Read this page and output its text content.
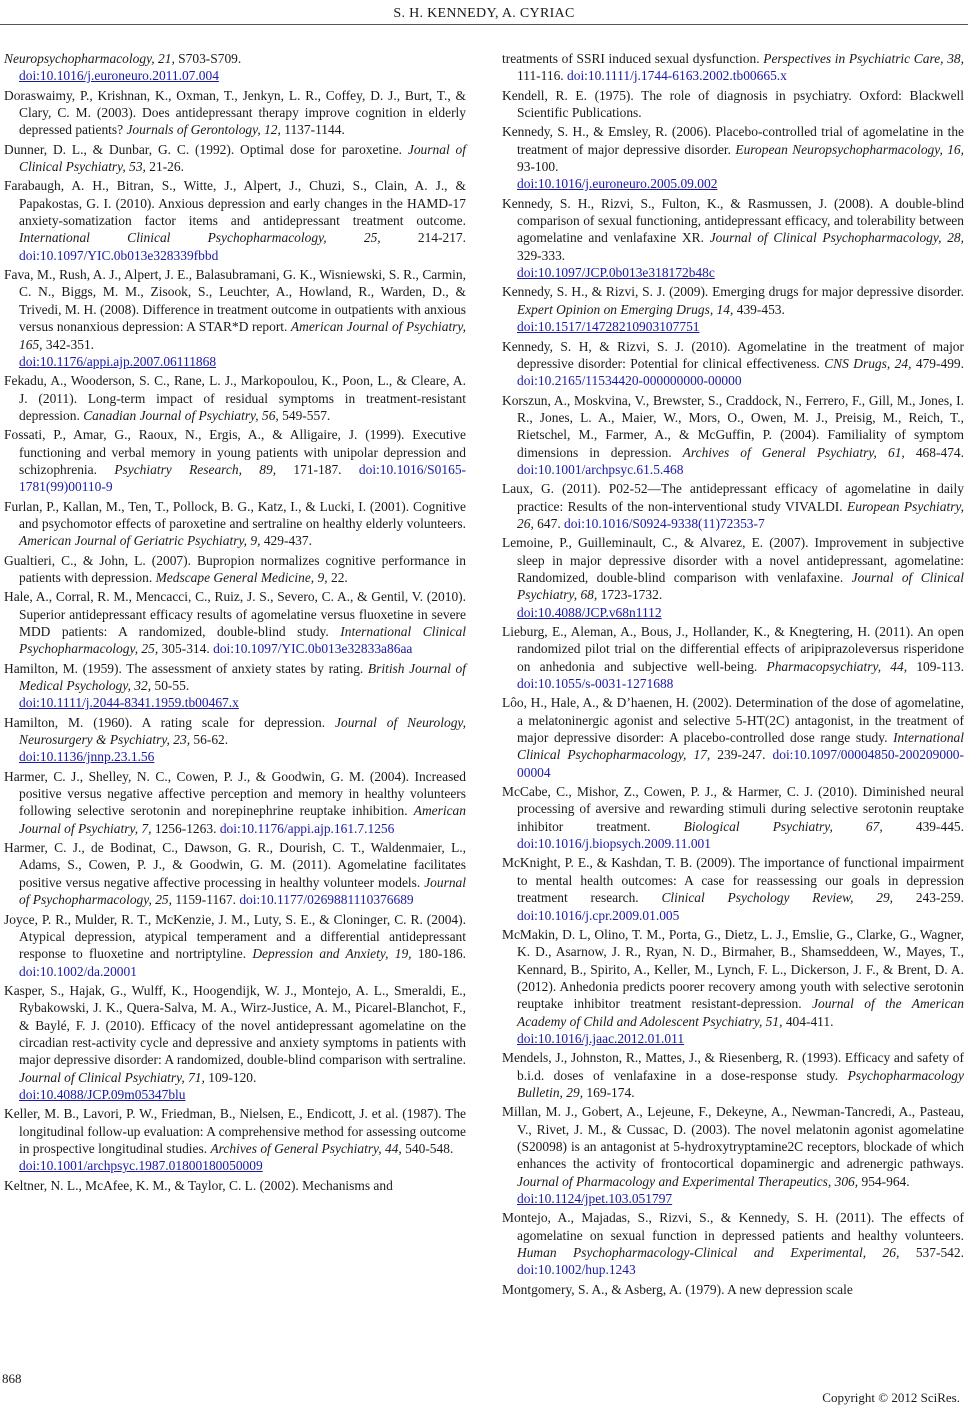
S. H. KENNEDY, A. CYRIAC
Neuropsychopharmacology, 21, S703-S709.
doi:10.1016/j.euroneuro.2011.07.004
Doraswaimy, P., Krishnan, K., Oxman, T., Jenkyn, L. R., Coffey, D. J., Burt, T., & Clary, C. M. (2003). Does antidepressant therapy improve cognition in elderly depressed patients? Journals of Gerontology, 12, 1137-1144.
Dunner, D. L., & Dunbar, G. C. (1992). Optimal dose for paroxetine. Journal of Clinical Psychiatry, 53, 21-26.
Farabaugh, A. H., Bitran, S., Witte, J., Alpert, J., Chuzi, S., Clain, A. J., & Papakostas, G. I. (2010). Anxious depression and early changes in the HAMD-17 anxiety-somatization factor items and antidepressant treatment outcome. International Clinical Psychopharmacology, 25, 214-217. doi:10.1097/YIC.0b013e328339fbbd
Fava, M., Rush, A. J., Alpert, J. E., Balasubramani, G. K., Wisniewski, S. R., Carmin, C. N., Biggs, M. M., Zisook, S., Leuchter, A., Howland, R., Warden, D., & Trivedi, M. H. (2008). Difference in treatment outcome in outpatients with anxious versus nonanxious depression: A STAR*D report. American Journal of Psychiatry, 165, 342-351.
doi:10.1176/appi.ajp.2007.06111868
Fekadu, A., Wooderson, S. C., Rane, L. J., Markopoulou, K., Poon, L., & Cleare, A. J. (2011). Long-term impact of residual symptoms in treatment-resistant depression. Canadian Journal of Psychiatry, 56, 549-557.
Fossati, P., Amar, G., Raoux, N., Ergis, A., & Alligaire, J. (1999). Executive functioning and verbal memory in young patients with unipolar depression and schizophrenia. Psychiatry Research, 89, 171-187. doi:10.1016/S0165-1781(99)00110-9
Furlan, P., Kallan, M., Ten, T., Pollock, B. G., Katz, I., & Lucki, I. (2001). Cognitive and psychomotor effects of paroxetine and sertraline on healthy elderly volunteers. American Journal of Geriatric Psychiatry, 9, 429-437.
Gualtieri, C., & John, L. (2007). Bupropion normalizes cognitive performance in patients with depression. Medscape General Medicine, 9, 22.
Hale, A., Corral, R. M., Mencacci, C., Ruiz, J. S., Severo, C. A., & Gentil, V. (2010). Superior antidepressant efficacy results of agomelatine versus fluoxetine in severe MDD patients: A randomized, double-blind study. International Clinical Psychopharmacology, 25, 305-314. doi:10.1097/YIC.0b013e32833a86aa
Hamilton, M. (1959). The assessment of anxiety states by rating. British Journal of Medical Psychology, 32, 50-55.
doi:10.1111/j.2044-8341.1959.tb00467.x
Hamilton, M. (1960). A rating scale for depression. Journal of Neurology, Neurosurgery & Psychiatry, 23, 56-62.
doi:10.1136/jnnp.23.1.56
Harmer, C. J., Shelley, N. C., Cowen, P. J., & Goodwin, G. M. (2004). Increased positive versus negative affective perception and memory in healthy volunteers following selective serotonin and norepinephrine reuptake inhibition. American Journal of Psychiatry, 7, 1256-1263. doi:10.1176/appi.ajp.161.7.1256
Harmer, C. J., de Bodinat, C., Dawson, G. R., Dourish, C. T., Waldenmaier, L., Adams, S., Cowen, P. J., & Goodwin, G. M. (2011). Agomelatine facilitates positive versus negative affective processing in healthy volunteer models. Journal of Psychopharmacology, 25, 1159-1167. doi:10.1177/0269881110376689
Joyce, P. R., Mulder, R. T., McKenzie, J. M., Luty, S. E., & Cloninger, C. R. (2004). Atypical depression, atypical temperament and a differential antidepressant response to fluoxetine and nortriptyline. Depression and Anxiety, 19, 180-186. doi:10.1002/da.20001
Kasper, S., Hajak, G., Wulff, K., Hoogendijk, W. J., Montejo, A. L., Smeraldi, E., Rybakowski, J. K., Quera-Salva, M. A., Wirz-Justice, A. M., Picarel-Blanchot, F., & Baylé, F. J. (2010). Efficacy of the novel antidepressant agomelatine on the circadian rest-activity cycle and depressive and anxiety symptoms in patients with major depressive disorder: A randomized, double-blind comparison with sertraline. Journal of Clinical Psychiatry, 71, 109-120.
doi:10.4088/JCP.09m05347blu
Keller, M. B., Lavori, P. W., Friedman, B., Nielsen, E., Endicott, J. et al. (1987). The longitudinal follow-up evaluation: A comprehensive method for assessing outcome in prospective longitudinal studies. Archives of General Psychiatry, 44, 540-548.
doi:10.1001/archpsyc.1987.01800180050009
Keltner, N. L., McAfee, K. M., & Taylor, C. L. (2002). Mechanisms and
treatments of SSRI induced sexual dysfunction. Perspectives in Psychiatric Care, 38, 111-116. doi:10.1111/j.1744-6163.2002.tb00665.x
Kendell, R. E. (1975). The role of diagnosis in psychiatry. Oxford: Blackwell Scientific Publications.
Kennedy, S. H., & Emsley, R. (2006). Placebo-controlled trial of agomelatine in the treatment of major depressive disorder. European Neuropsychopharmacology, 16, 93-100.
doi:10.1016/j.euroneuro.2005.09.002
Kennedy, S. H., Rizvi, S., Fulton, K., & Rasmussen, J. (2008). A double-blind comparison of sexual functioning, antidepressant efficacy, and tolerability between agomelatine and venlafaxine XR. Journal of Clinical Psychopharmacology, 28, 329-333.
doi:10.1097/JCP.0b013e318172b48c
Kennedy, S. H., & Rizvi, S. J. (2009). Emerging drugs for major depressive disorder. Expert Opinion on Emerging Drugs, 14, 439-453.
doi:10.1517/14728210903107751
Kennedy, S. H, & Rizvi, S. J. (2010). Agomelatine in the treatment of major depressive disorder: Potential for clinical effectiveness. CNS Drugs, 24, 479-499. doi:10.2165/11534420-000000000-00000
Korszun, A., Moskvina, V., Brewster, S., Craddock, N., Ferrero, F., Gill, M., Jones, I. R., Jones, L. A., Maier, W., Mors, O., Owen, M. J., Preisig, M., Reich, T., Rietschel, M., Farmer, A., & McGuffin, P. (2004). Familiality of symptom dimensions in depression. Archives of General Psychiatry, 61, 468-474. doi:10.1001/archpsyc.61.5.468
Laux, G. (2011). P02-52—The antidepressant efficacy of agomelatine in daily practice: Results of the non-interventional study VIVALDI. European Psychiatry, 26, 647. doi:10.1016/S0924-9338(11)72353-7
Lemoine, P., Guilleminault, C., & Alvarez, E. (2007). Improvement in subjective sleep in major depressive disorder with a novel antidepressant, agomelatine: Randomized, double-blind comparison with venlafaxine. Journal of Clinical Psychiatry, 68, 1723-1732.
doi:10.4088/JCP.v68n1112
Lieburg, E., Aleman, A., Bous, J., Hollander, K., & Knegtering, H. (2011). An open randomized pilot trial on the differential effects of aripiprazoleversus risperidone on anhedonia and subjective well-being. Pharmacopsychiatry, 44, 109-113. doi:10.1055/s-0031-1271688
Lôo, H., Hale, A., & D’haenen, H. (2002). Determination of the dose of agomelatine, a melatoninergic agonist and selective 5-HT(2C) antagonist, in the treatment of major depressive disorder: A placebo-controlled dose range study. International Clinical Psychopharmacology, 17, 239-247. doi:10.1097/00004850-200209000-00004
McCabe, C., Mishor, Z., Cowen, P. J., & Harmer, C. J. (2010). Diminished neural processing of aversive and rewarding stimuli during selective serotonin reuptake inhibitor treatment. Biological Psychiatry, 67, 439-445. doi:10.1016/j.biopsych.2009.11.001
McKnight, P. E., & Kashdan, T. B. (2009). The importance of functional impairment to mental health outcomes: A case for reassessing our goals in depression treatment research. Clinical Psychology Review, 29, 243-259. doi:10.1016/j.cpr.2009.01.005
McMakin, D. L, Olino, T. M., Porta, G., Dietz, L. J., Emslie, G., Clarke, G., Wagner, K. D., Asarnow, J. R., Ryan, N. D., Birmaher, B., Shamseddeen, W., Mayes, T., Kennard, B., Spirito, A., Keller, M., Lynch, F. L., Dickerson, J. F., & Brent, D. A. (2012). Anhedonia predicts poorer recovery among youth with selective serotonin reuptake inhibitor treatment resistant-depression. Journal of the American Academy of Child and Adolescent Psychiatry, 51, 404-411.
doi:10.1016/j.jaac.2012.01.011
Mendels, J., Johnston, R., Mattes, J., & Riesenberg, R. (1993). Efficacy and safety of b.i.d. doses of venlafaxine in a dose-response study. Psychopharmacology Bulletin, 29, 169-174.
Millan, M. J., Gobert, A., Lejeune, F., Dekeyne, A., Newman-Tancredi, A., Pasteau, V., Rivet, J. M., & Cussac, D. (2003). The novel melatonin agonist agomelatine (S20098) is an antagonist at 5-hydroxytryptamine2C receptors, blockade of which enhances the activity of frontocortical dopaminergic and adrenergic pathways. Journal of Pharmacology and Experimental Therapeutics, 306, 954-964.
doi:10.1124/jpet.103.051797
Montejo, A., Majadas, S., Rizvi, S., & Kennedy, S. H. (2011). The effects of agomelatine on sexual function in depressed patients and healthy volunteers. Human Psychopharmacology-Clinical and Experimental, 26, 537-542. doi:10.1002/hup.1243
Montgomery, S. A., & Asberg, A. (1979). A new depression scale
868
Copyright © 2012 SciRes.
